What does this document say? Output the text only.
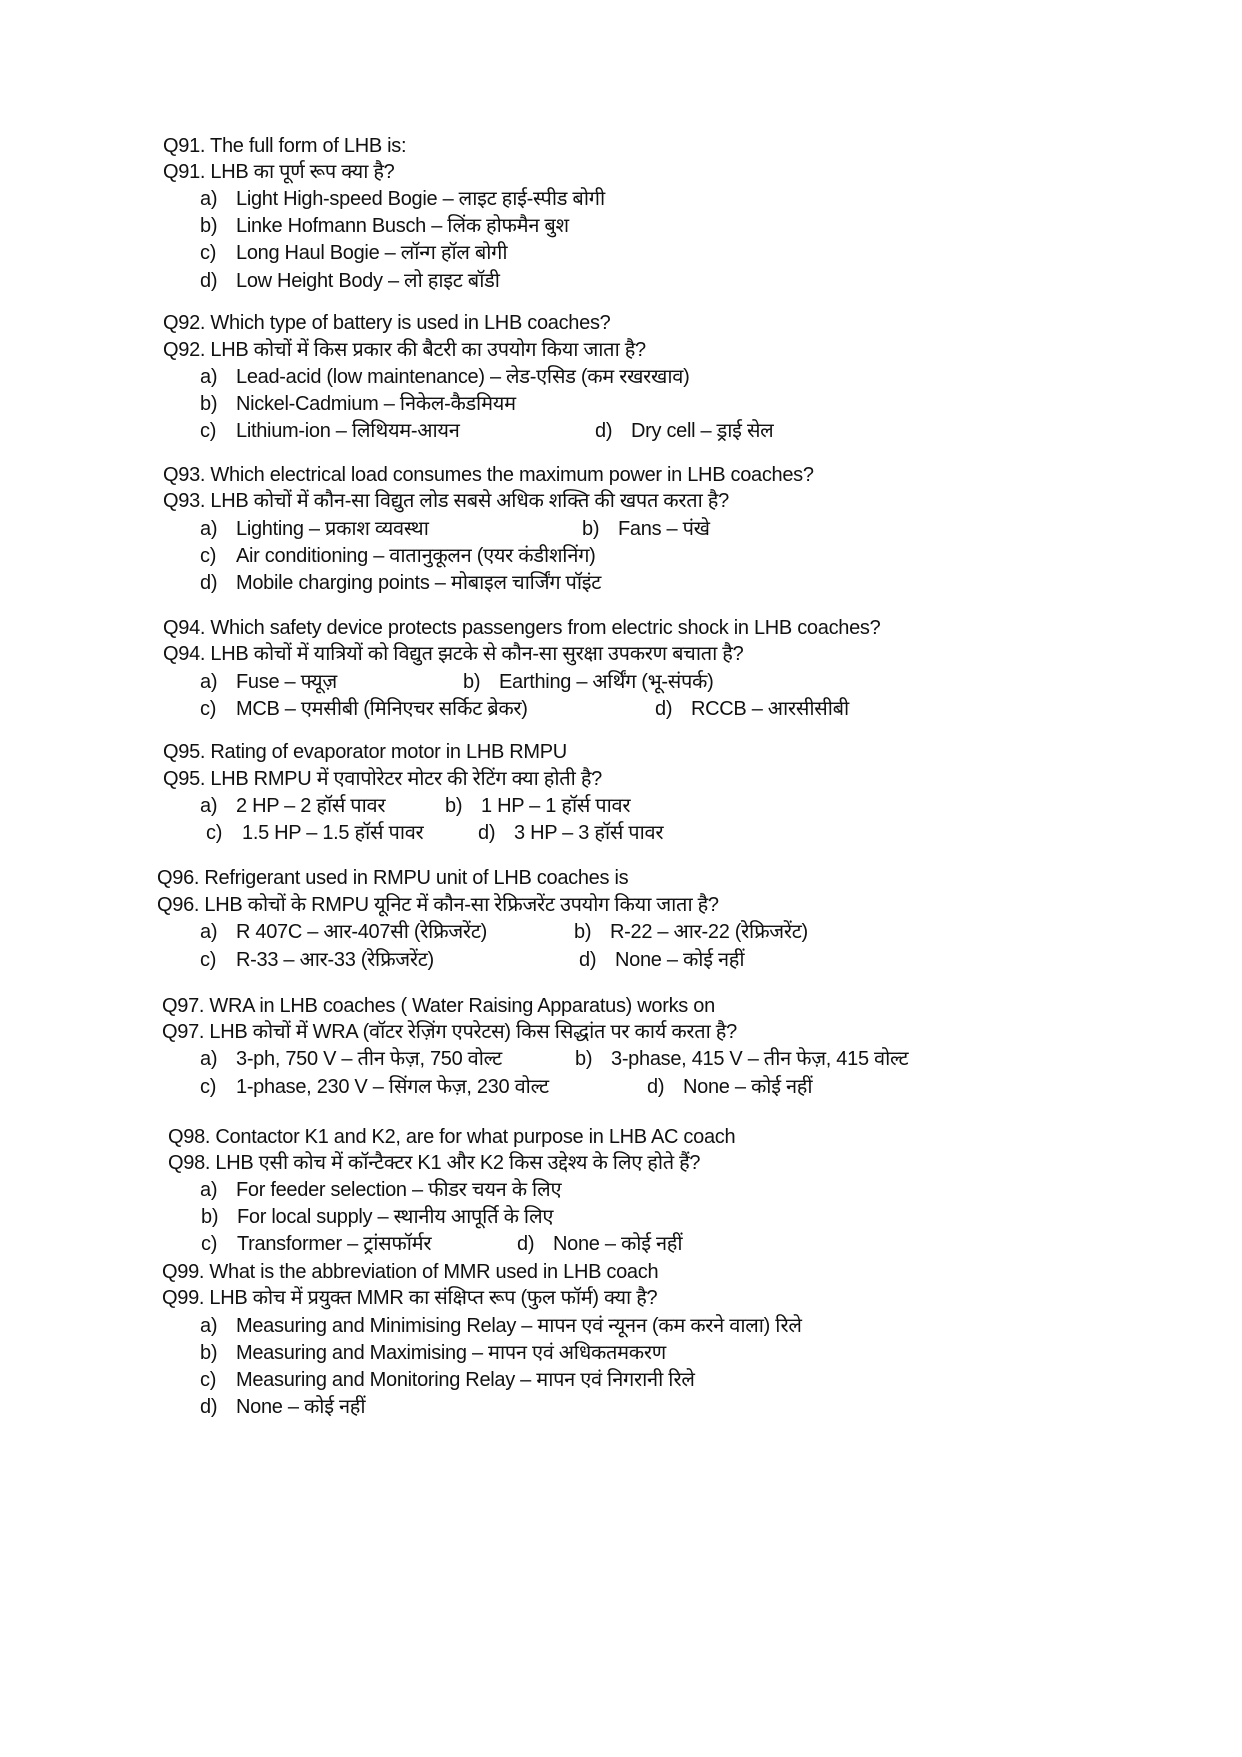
Q91. The full form of LHB is:
Q91. LHB का पूर्ण रूप क्या है?
a) Light High-speed Bogie – लाइट हाई-स्पीड बोगी
b) Linke Hofmann Busch – लिंक होफमैन बुश
c) Long Haul Bogie – लॉन्ग हॉल बोगी
d) Low Height Body – लो हाइट बॉडी
Q92. Which type of battery is used in LHB coaches?
Q92. LHB कोचों में किस प्रकार की बैटरी का उपयोग किया जाता है?
a) Lead-acid (low maintenance) – लेड-एसिड (कम रखरखाव)
b) Nickel-Cadmium – निकेल-कैडमियम
c) Lithium-ion – लिथियम-आयन	d) Dry cell – ड्राई सेल
Q93. Which electrical load consumes the maximum power in LHB coaches?
Q93. LHB कोचों में कौन-सा विद्युत लोड सबसे अधिक शक्ति की खपत करता है?
a) Lighting – प्रकाश व्यवस्था	b) Fans – पंखे
c) Air conditioning – वातानुकूलन (एयर कंडीशनिंग)
d) Mobile charging points – मोबाइल चार्जिंग पॉइंट
Q94. Which safety device protects passengers from electric shock in LHB coaches?
Q94. LHB कोचों में यात्रियों को विद्युत झटके से कौन-सा सुरक्षा उपकरण बचाता है?
a) Fuse – फ्यूज़	b) Earthing – अर्थिंग (भू-संपर्क)
c) MCB – एमसीबी (मिनिएचर सर्किट ब्रेकर)	d) RCCB – आरसीसीबी
Q95. Rating of evaporator motor in LHB RMPU
Q95. LHB RMPU में एवापोरेटर मोटर की रेटिंग क्या होती है?
a) 2 HP – 2 हॉर्स पावर	b) 1 HP – 1 हॉर्स पावर
c) 1.5 HP – 1.5 हॉर्स पावर	d) 3 HP – 3 हॉर्स पावर
Q96. Refrigerant used in RMPU unit of LHB coaches is
Q96. LHB कोचों के RMPU यूनिट में कौन-सा रेफ्रिजरेंट उपयोग किया जाता है?
a) R 407C – आर-407सी (रेफ्रिजरेंट)	b) R-22 – आर-22 (रेफ्रिजरेंट)
c) R-33 – आर-33 (रेफ्रिजरेंट)	d) None – कोई नहीं
Q97. WRA in LHB coaches ( Water Raising Apparatus) works on
Q97. LHB कोचों में WRA (वॉटर रेज़िंग एपरेटस) किस सिद्धांत पर कार्य करता है?
a) 3-ph, 750 V – तीन फेज़, 750 वोल्ट	b) 3-phase, 415 V – तीन फेज़, 415 वोल्ट
c) 1-phase, 230 V – सिंगल फेज़, 230 वोल्ट	d) None – कोई नहीं
Q98. Contactor K1 and K2, are for what purpose in LHB AC coach
Q98. LHB एसी कोच में कॉन्टैक्टर K1 और K2 किस उद्देश्य के लिए होते हैं?
a) For feeder selection – फीडर चयन के लिए
b) For local supply – स्थानीय आपूर्ति के लिए
c) Transformer – ट्रांसफॉर्मर	d) None – कोई नहीं
Q99. What is the abbreviation of MMR used in LHB coach
Q99. LHB कोच में प्रयुक्त MMR का संक्षिप्त रूप (फुल फॉर्म) क्या है?
a) Measuring and Minimising Relay – मापन एवं न्यूनन (कम करने वाला) रिले
b) Measuring and Maximising – मापन एवं अधिकतमकरण
c) Measuring and Monitoring Relay – मापन एवं निगरानी रिले
d) None – कोई नहीं
